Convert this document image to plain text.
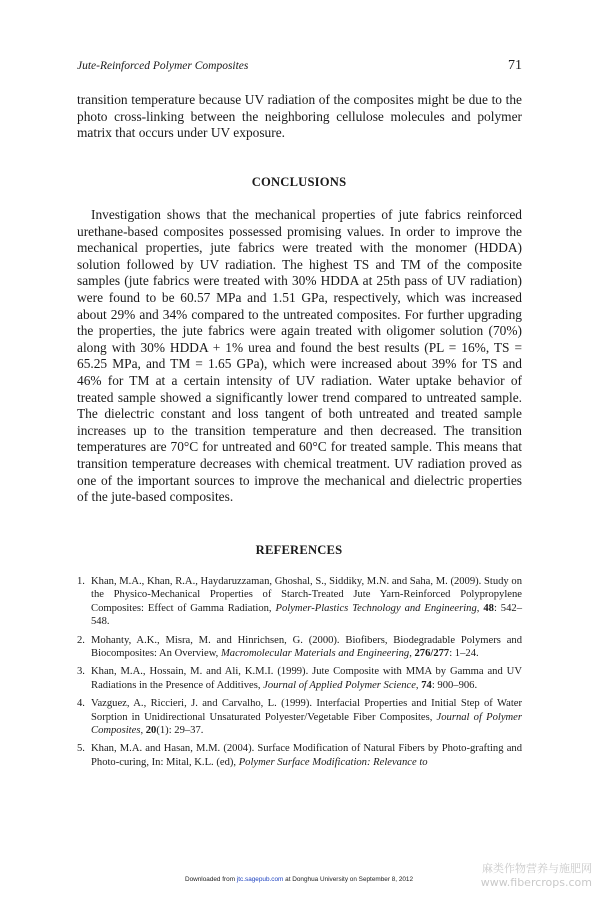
Jute-Reinforced Polymer Composites	71

transition temperature because UV radiation of the composites might be due to the photo cross-linking between the neighboring cellulose molecules and polymer matrix that occurs under UV exposure.

CONCLUSIONS

Investigation shows that the mechanical properties of jute fabrics reinforced urethane-based composites possessed promising values. In order to improve the mechanical properties, jute fabrics were treated with the monomer (HDDA) solution followed by UV radiation. The highest TS and TM of the composite samples (jute fabrics were treated with 30% HDDA at 25th pass of UV radiation) were found to be 60.57 MPa and 1.51 GPa, respectively, which was increased about 29% and 34% compared to the untreated composites. For further upgrading the properties, the jute fabrics were again treated with oligomer solution (70%) along with 30% HDDA + 1% urea and found the best results (PL = 16%, TS = 65.25 MPa, and TM = 1.65 GPa), which were increased about 39% for TS and 46% for TM at a certain intensity of UV radiation. Water uptake behavior of treated sample showed a significantly lower trend compared to untreated sample. The dielectric constant and loss tangent of both untreated and treated sample increases up to the transition temperature and then decreased. The transition temperatures are 70°C for untreated and 60°C for treated sample. This means that transition temperature decreases with chemical treatment. UV radiation proved as one of the important sources to improve the mechanical and dielectric properties of the jute-based composites.

REFERENCES
1. Khan, M.A., Khan, R.A., Haydaruzzaman, Ghoshal, S., Siddiky, M.N. and Saha, M. (2009). Study on the Physico-Mechanical Properties of Starch-Treated Jute Yarn-Reinforced Polypropylene Composites: Effect of Gamma Radiation, Polymer-Plastics Technology and Engineering, 48: 542–548.
2. Mohanty, A.K., Misra, M. and Hinrichsen, G. (2000). Biofibers, Biodegradable Polymers and Biocomposites: An Overview, Macromolecular Materials and Engineering, 276/277: 1–24.
3. Khan, M.A., Hossain, M. and Ali, K.M.I. (1999). Jute Composite with MMA by Gamma and UV Radiations in the Presence of Additives, Journal of Applied Polymer Science, 74: 900–906.
4. Vazguez, A., Riccieri, J. and Carvalho, L. (1999). Interfacial Properties and Initial Step of Water Sorption in Unidirectional Unsaturated Polyester/Vegetable Fiber Composites, Journal of Polymer Composites, 20(1): 29–37.
5. Khan, M.A. and Hasan, M.M. (2004). Surface Modification of Natural Fibers by Photo-grafting and Photo-curing, In: Mital, K.L. (ed), Polymer Surface Modification: Relevance to
Downloaded from jtc.sagepub.com at Donghua University on September 8, 2012
麻类作物营养与施肥网
www.fibercrops.com
